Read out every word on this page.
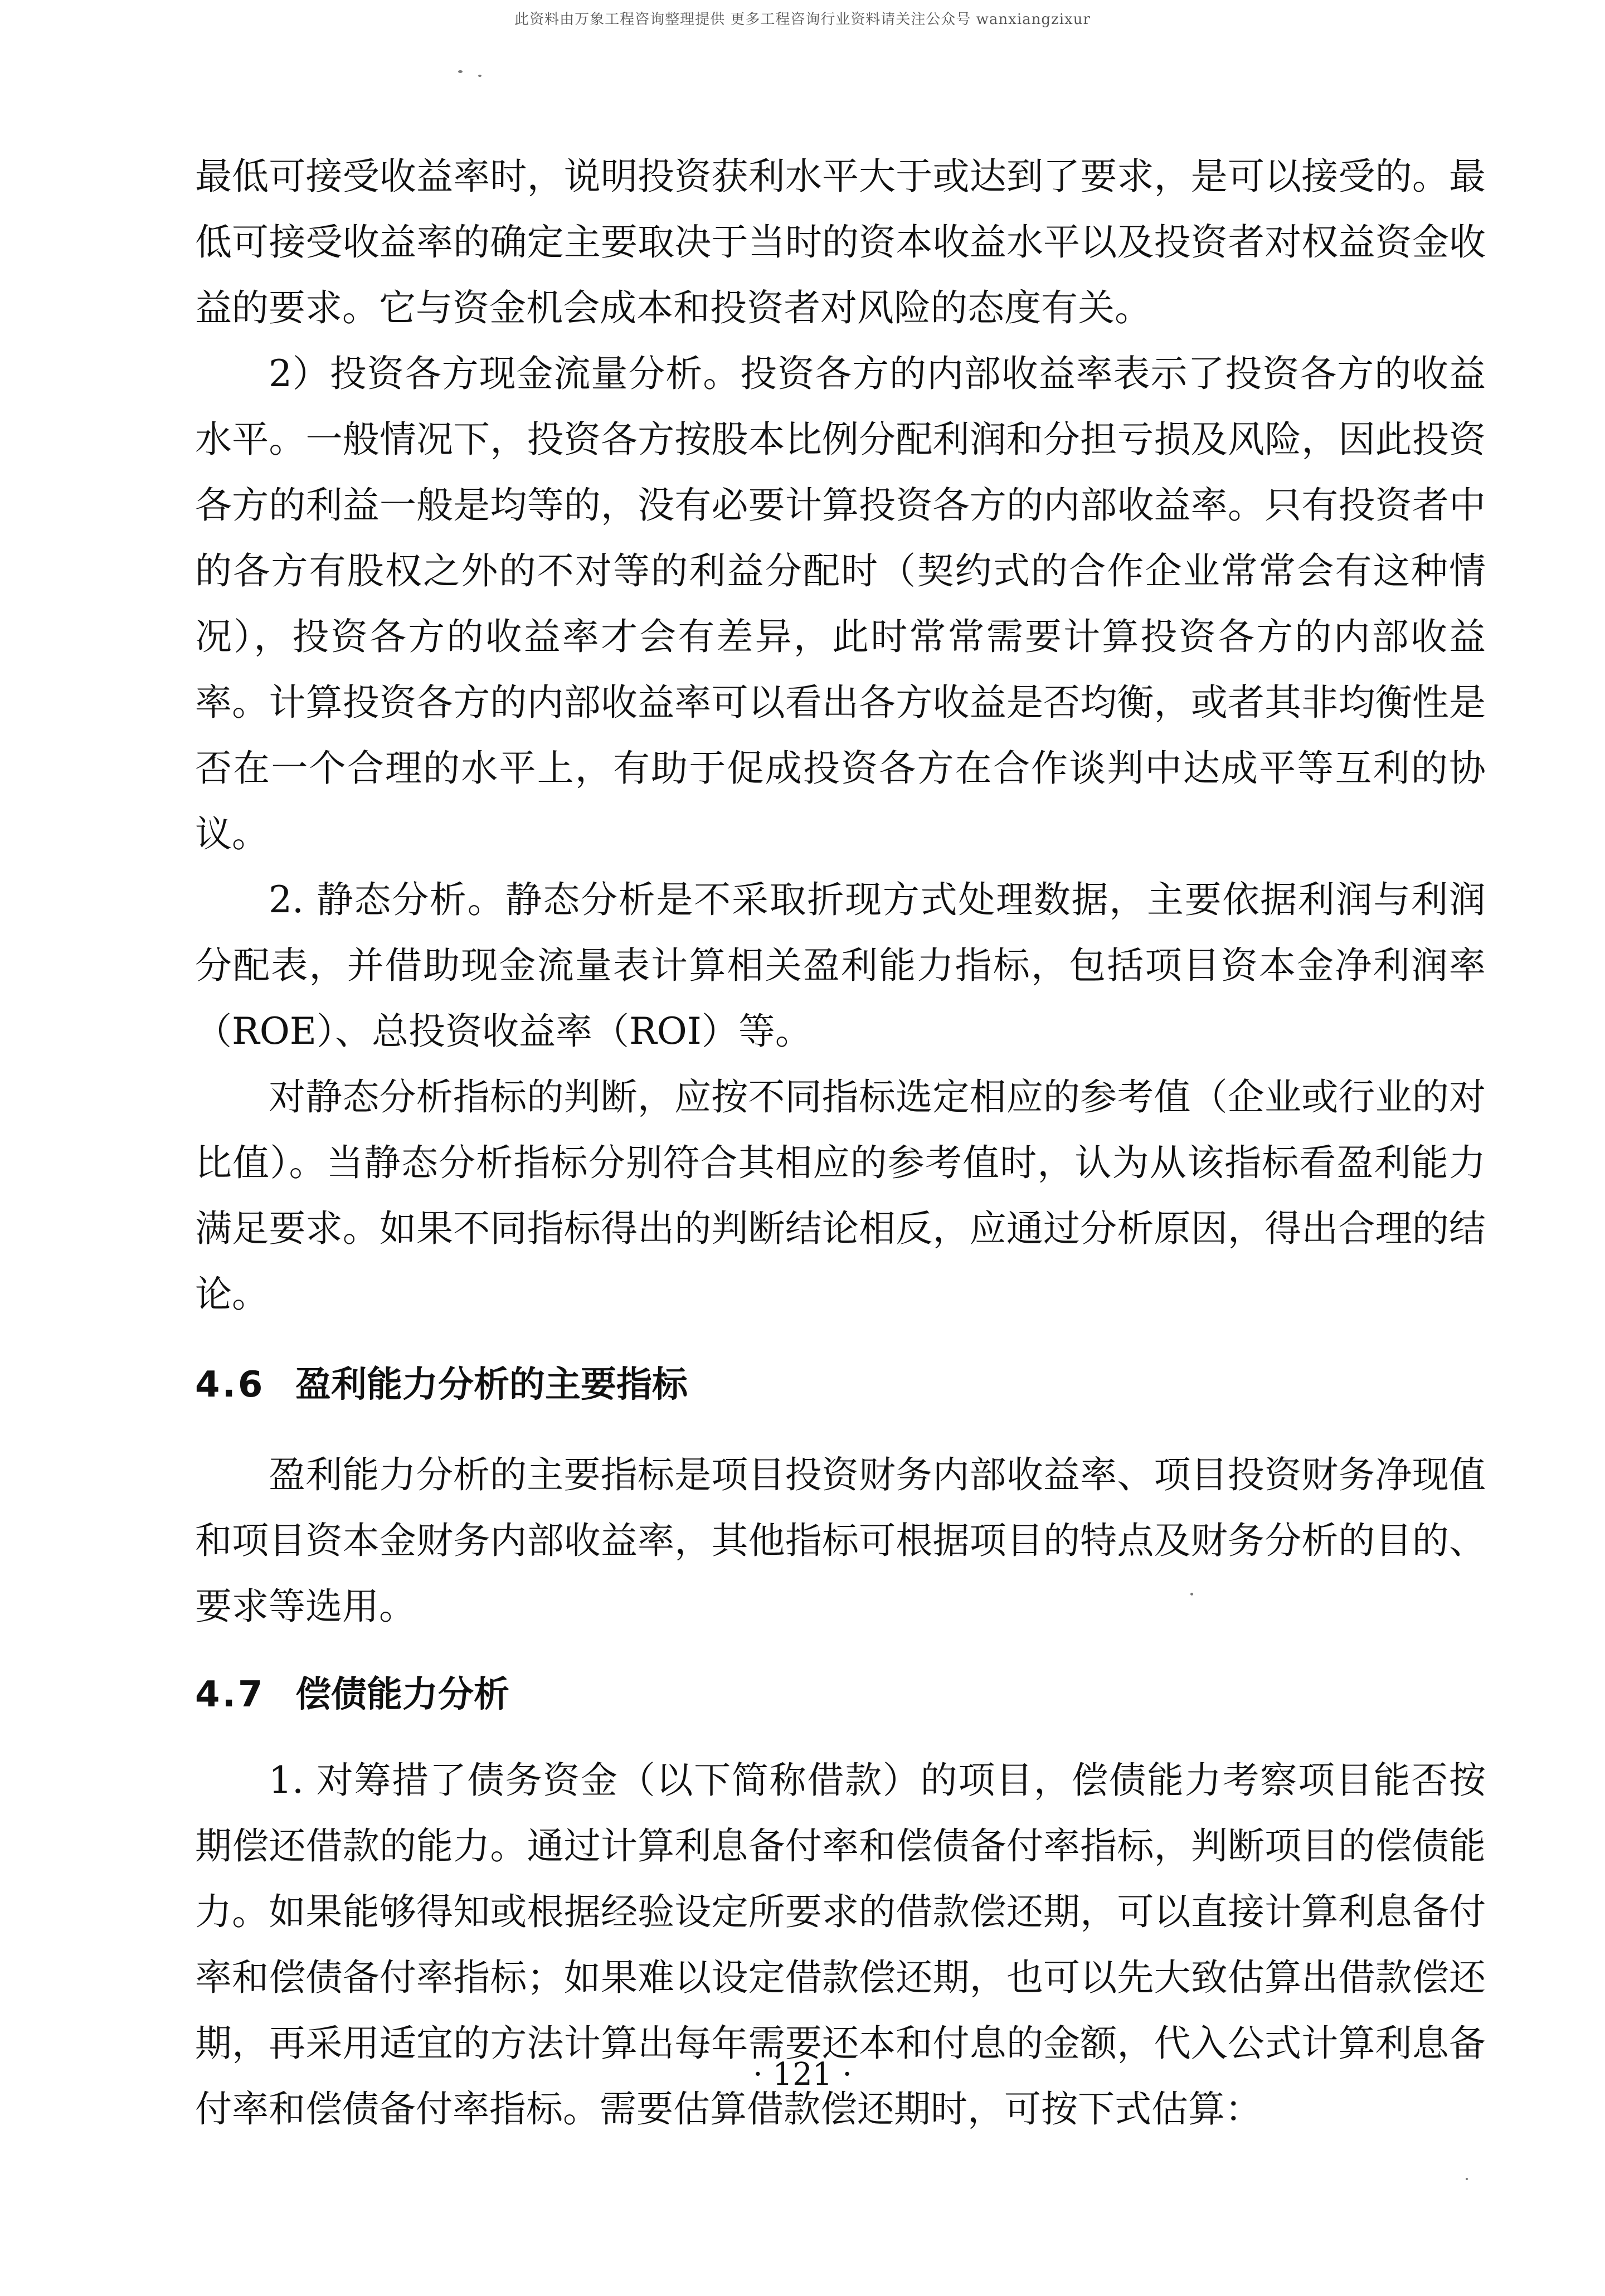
此资料由万象工程咨询整理提供 更多工程咨询行业资料请关注公众号 wanxiangzixur

最低可接受收益率时，说明投资获利水平大于或达到了要求，是可以接受的。最低可接受收益率的确定主要取决于当时的资本收益水平以及投资者对权益资金收益的要求。它与资金机会成本和投资者对风险的态度有关。

2）投资各方现金流量分析。投资各方的内部收益率表示了投资各方的收益水平。一般情况下，投资各方按股本比例分配利润和分担亏损及风险，因此投资各方的利益一般是均等的，没有必要计算投资各方的内部收益率。只有投资者中的各方有股权之外的不对等的利益分配时（契约式的合作企业常常会有这种情况），投资各方的收益率才会有差异，此时常常需要计算投资各方的内部收益率。计算投资各方的内部收益率可以看出各方收益是否均衡，或者其非均衡性是否在一个合理的水平上，有助于促成投资各方在合作谈判中达成平等互利的协议。

2. 静态分析。静态分析是不采取折现方式处理数据，主要依据利润与利润分配表，并借助现金流量表计算相关盈利能力指标，包括项目资本金净利润率（ROE）、总投资收益率（ROI）等。

对静态分析指标的判断，应按不同指标选定相应的参考值（企业或行业的对比值）。当静态分析指标分别符合其相应的参考值时，认为从该指标看盈利能力满足要求。如果不同指标得出的判断结论相反，应通过分析原因，得出合理的结论。

4.6 盈利能力分析的主要指标

盈利能力分析的主要指标是项目投资财务内部收益率、项目投资财务净现值和项目资本金财务内部收益率，其他指标可根据项目的特点及财务分析的目的、要求等选用。

4.7 偿债能力分析

1. 对筹措了债务资金（以下简称借款）的项目，偿债能力考察项目能否按期偿还借款的能力。通过计算利息备付率和偿债备付率指标，判断项目的偿债能力。如果能够得知或根据经验设定所要求的借款偿还期，可以直接计算利息备付率和偿债备付率指标；如果难以设定借款偿还期，也可以先大致估算出借款偿还期，再采用适宜的方法计算出每年需要还本和付息的金额，代入公式计算利息备付率和偿债备付率指标。需要估算借款偿还期时，可按下式估算：

· 121 ·
